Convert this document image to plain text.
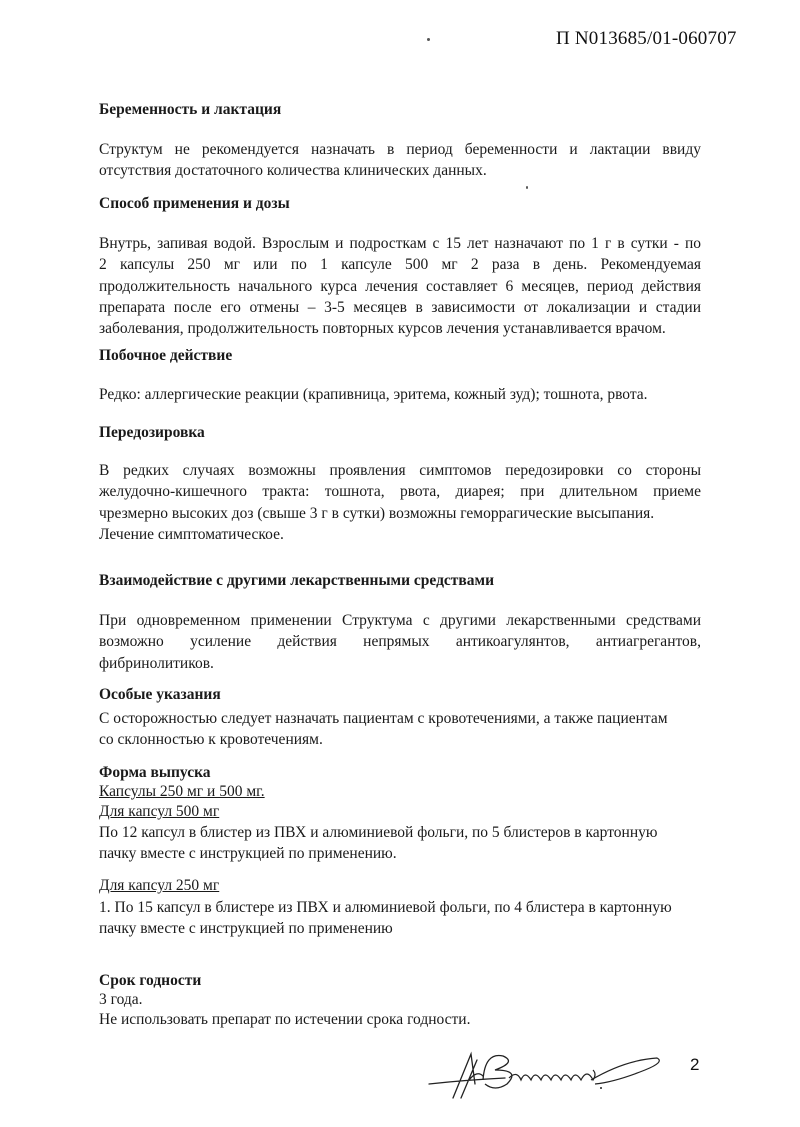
П N013685/01-060707
Беременность и лактация
Структум не рекомендуется назначать в период беременности и лактации ввиду
отсутствия достаточного количества клинических данных.
Способ применения и дозы
Внутрь, запивая водой. Взрослым и подросткам с 15 лет назначают по 1 г в сутки - по
2 капсулы 250 мг или по 1 капсуле 500 мг 2 раза в день. Рекомендуемая
продолжительность начального курса лечения составляет 6 месяцев, период действия
препарата после его отмены – 3-5 месяцев в зависимости от локализации и стадии
заболевания, продолжительность повторных курсов лечения устанавливается врачом.
Побочное действие
Редко: аллергические реакции (крапивница, эритема, кожный зуд); тошнота, рвота.
Передозировка
В редких случаях возможны проявления симптомов передозировки со стороны
желудочно-кишечного тракта: тошнота, рвота, диарея; при длительном приеме
чрезмерно высоких доз (свыше 3 г в сутки) возможны геморрагические высыпания.
Лечение симптоматическое.
Взаимодействие с другими лекарственными средствами
При одновременном применении Структума с другими лекарственными средствами
возможно усиление действия непрямых антикоагулянтов, антиагрегантов,
фибринолитиков.
Особые указания
С осторожностью следует назначать пациентам с кровотечениями, а также пациентам
со склонностью к кровотечениям.
Форма выпуска
Капсулы 250 мг и 500 мг.
Для капсул 500 мг
По 12 капсул в блистер из ПВХ и алюминиевой фольги, по 5 блистеров в картонную
пачку вместе с инструкцией по применению.
Для капсул 250 мг
1. По 15 капсул в блистере из ПВХ и алюминиевой фольги, по 4 блистера в картонную
пачку вместе с инструкцией по применению
Срок годности
3 года.
Не использовать препарат по истечении срока годности.
2
